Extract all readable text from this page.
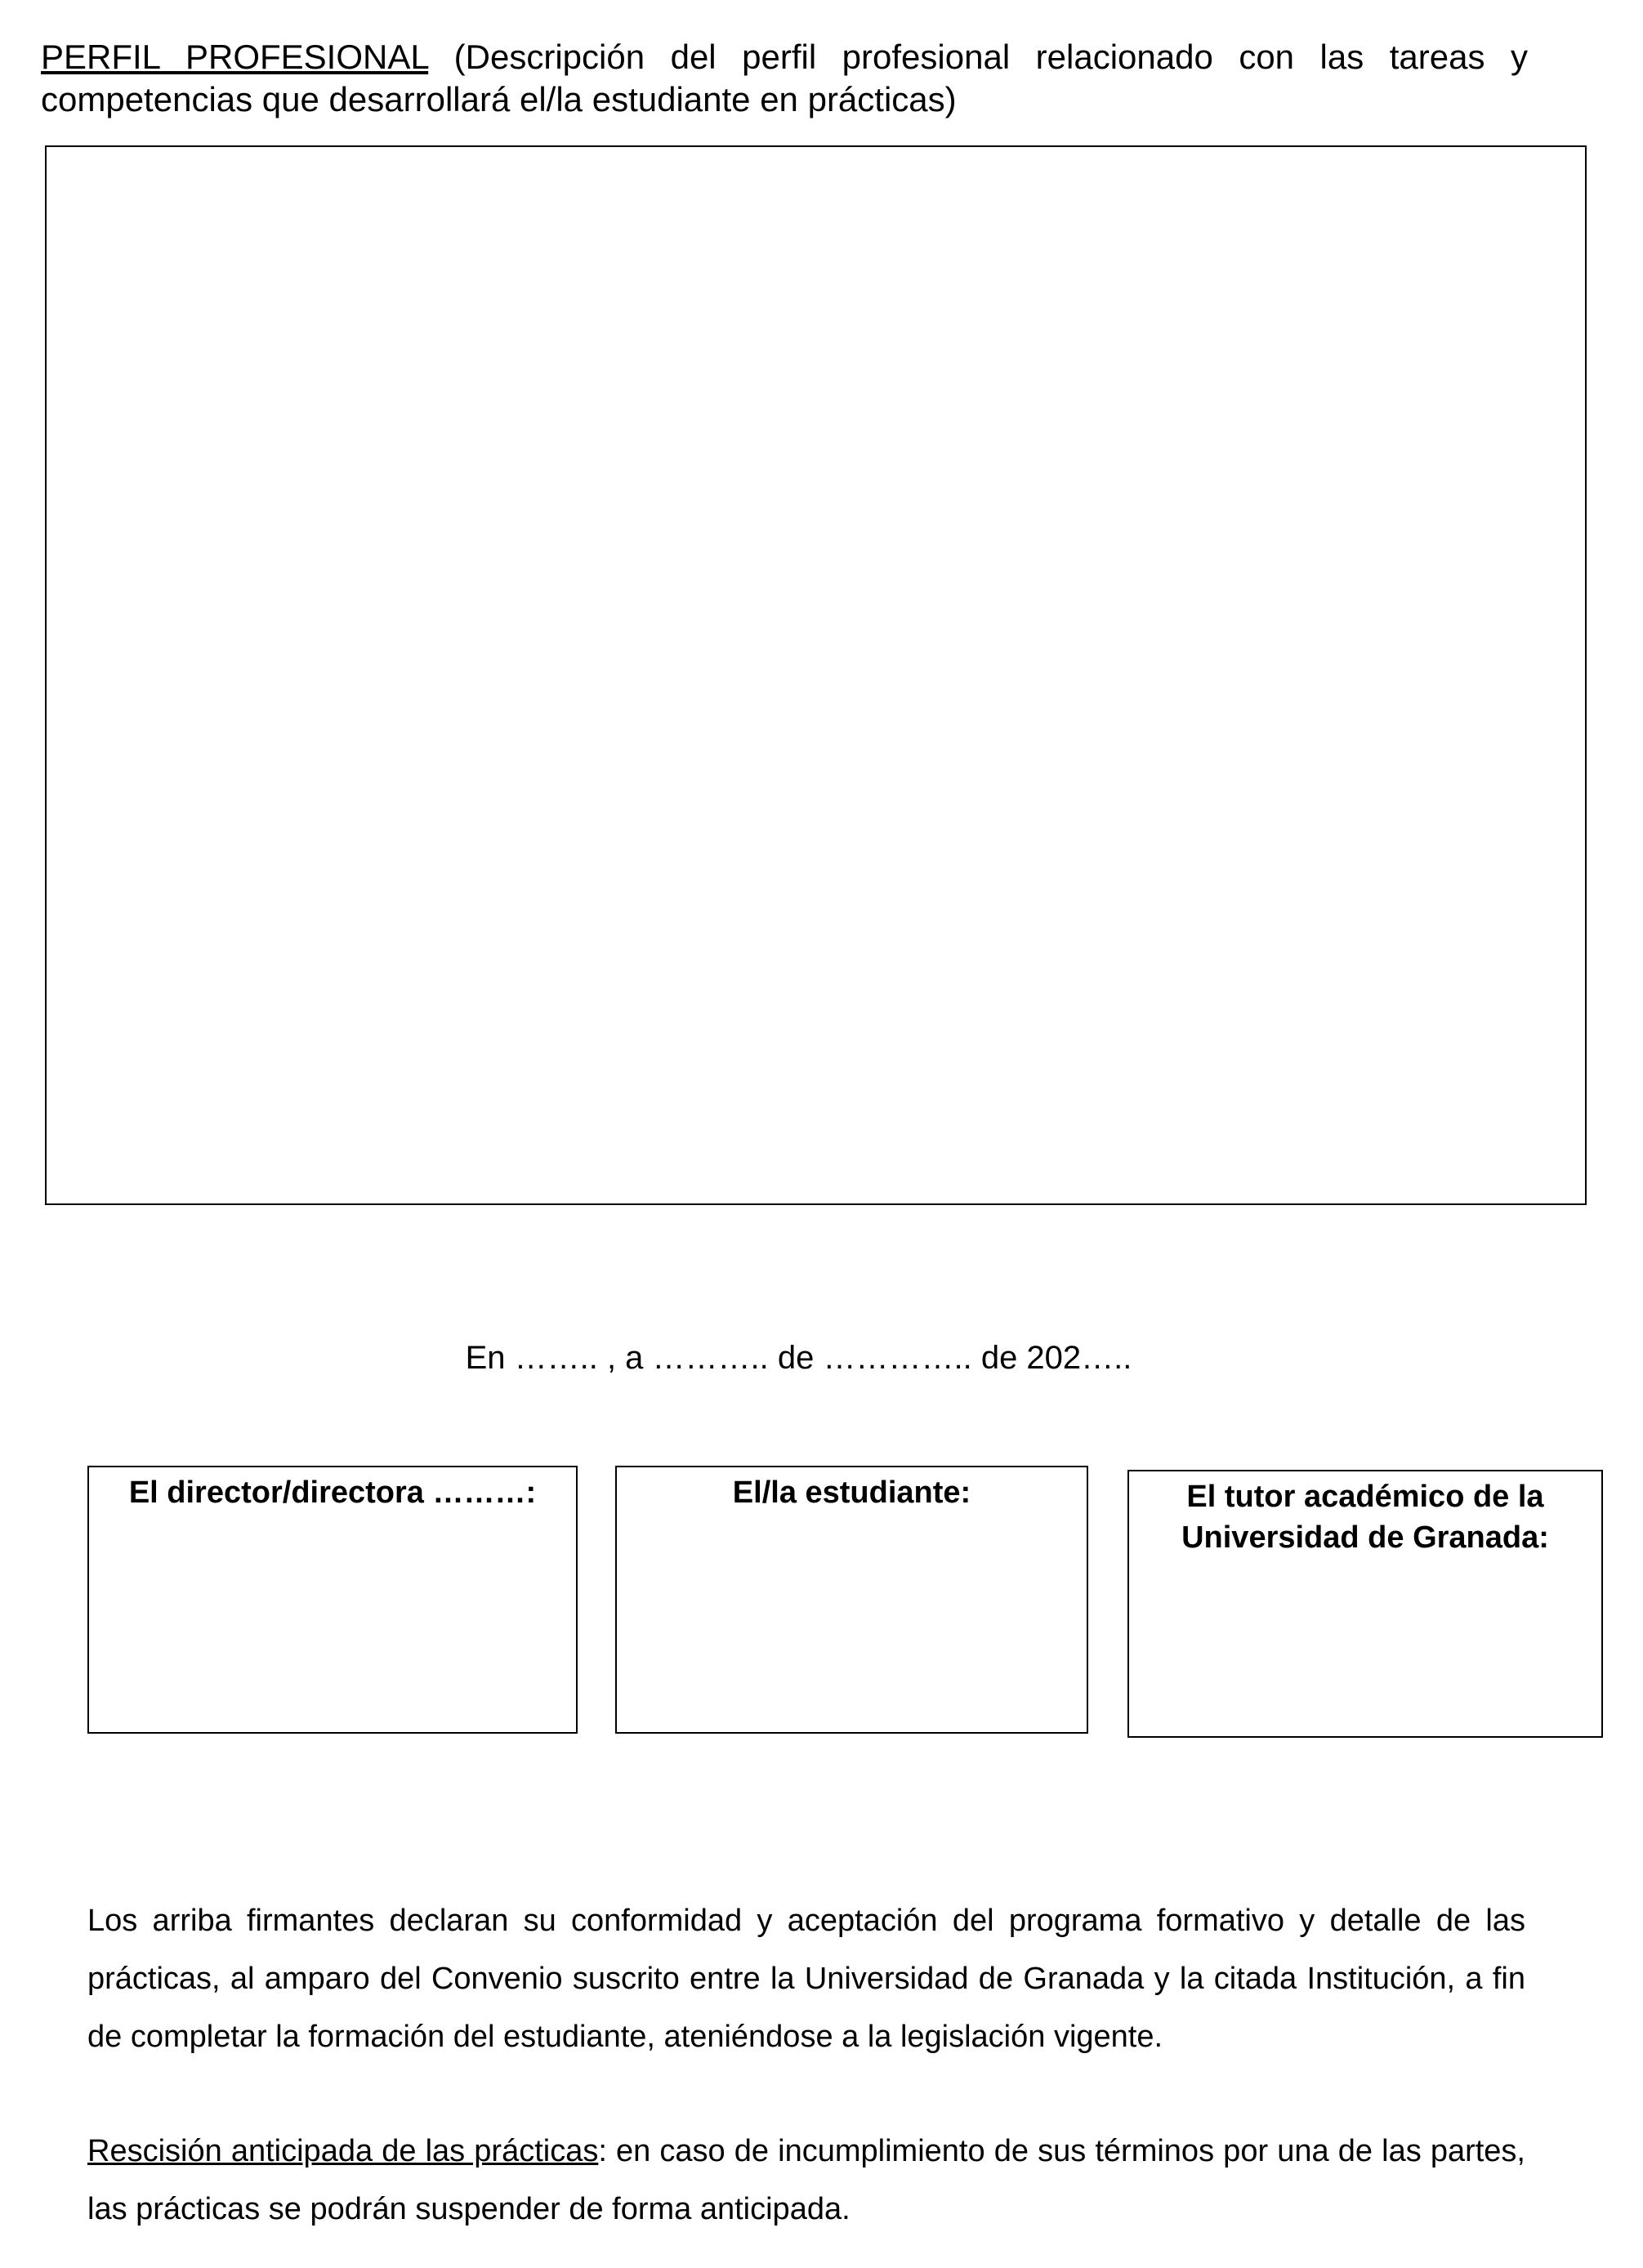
PERFIL PROFESIONAL (Descripción del perfil profesional relacionado con las tareas y competencias que desarrollará el/la estudiante en prácticas)
En …….. , a ……….. de ………….. de 202…..
El director/directora ………:	El/la estudiante:	El tutor académico de la Universidad de Granada:
Los arriba firmantes declaran su conformidad y aceptación del programa formativo y detalle de las prácticas, al amparo del Convenio suscrito entre la Universidad de Granada y la citada Institución, a fin de completar la formación del estudiante, ateniéndose a la legislación vigente.
Rescisión anticipada de las prácticas: en caso de incumplimiento de sus términos por una de las partes, las prácticas se podrán suspender de forma anticipada.
